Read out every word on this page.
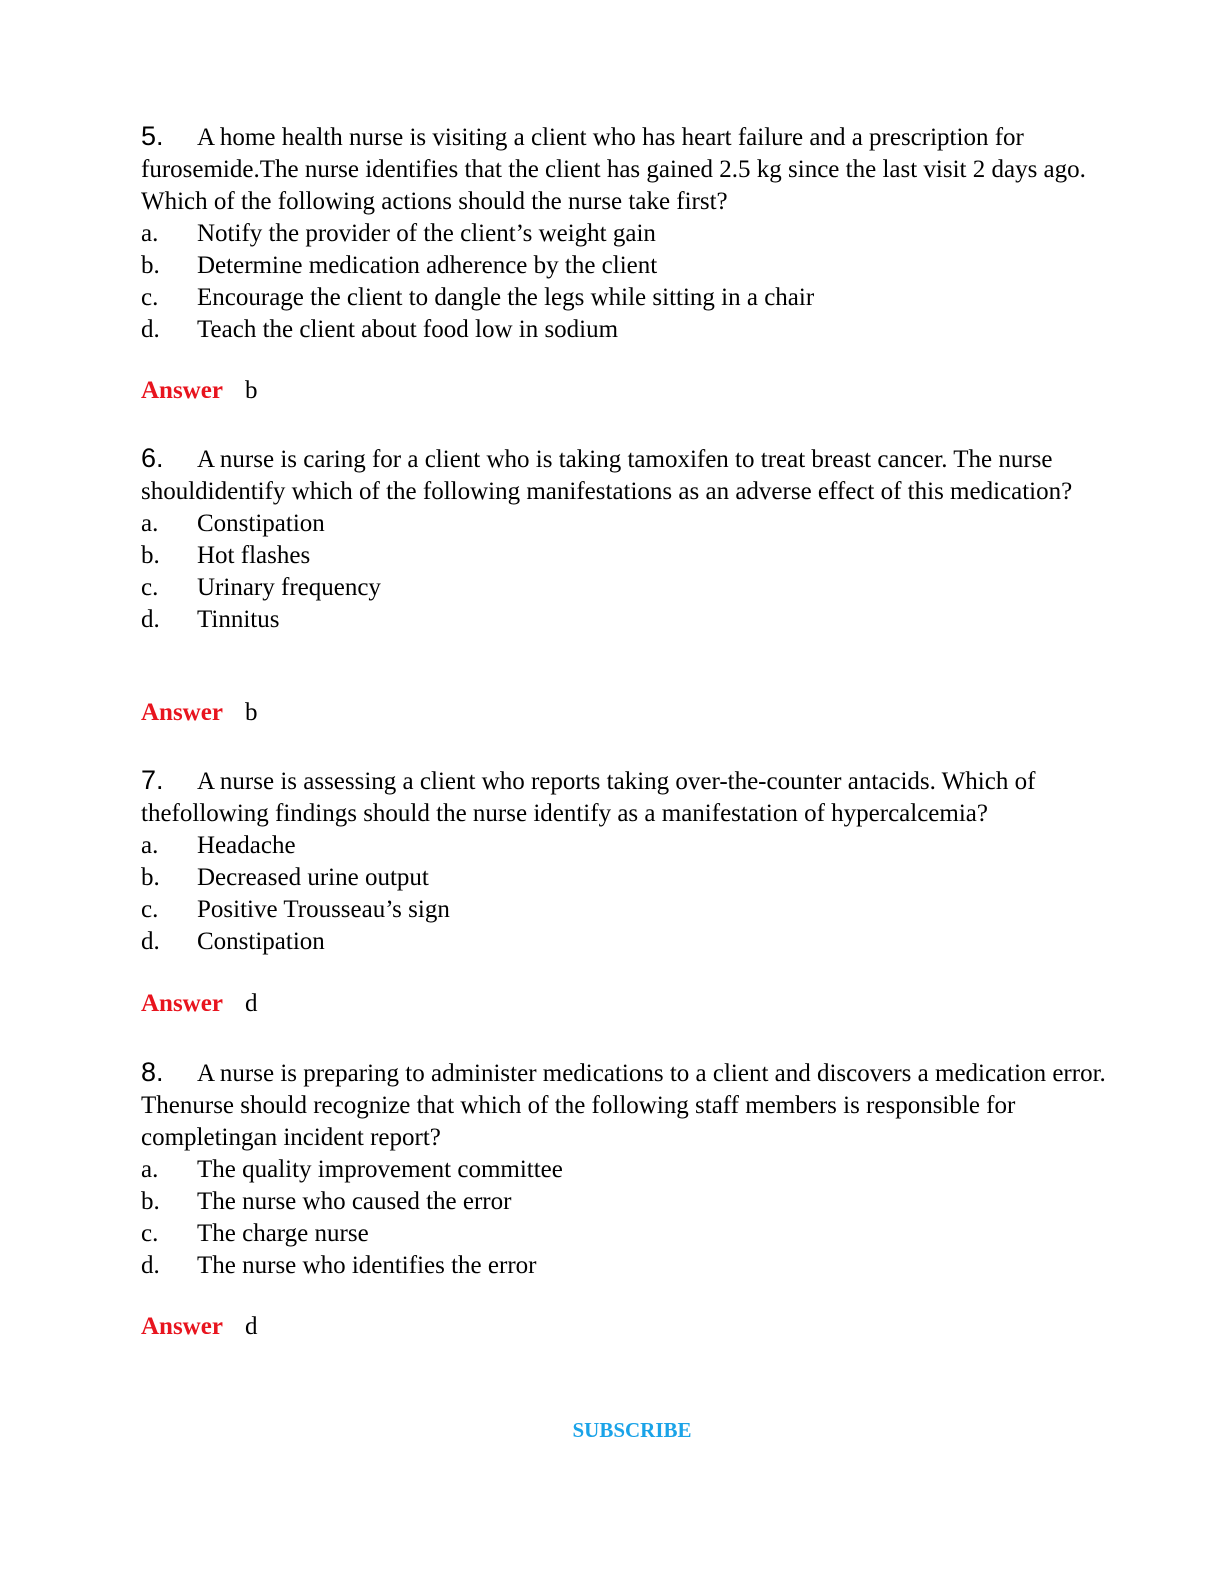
5. A home health nurse is visiting a client who has heart failure and a prescription for furosemide.The nurse identifies that the client has gained 2.5 kg since the last visit 2 days ago. Which of the following actions should the nurse take first?

a.	Notify the provider of the client’s weight gain
b.	Determine medication adherence by the client
c.	Encourage the client to dangle the legs while sitting in a chair
d.	Teach the client about food low in sodium
Answer b

6. A nurse is caring for a client who is taking tamoxifen to treat breast cancer. The nurse shouldidentify which of the following manifestations as an adverse effect of this medication?

a.	Constipation
b.	Hot flashes
c.	Urinary frequency
d.	Tinnitus
Answer b

7. A nurse is assessing a client who reports taking over-the-counter antacids. Which of thefollowing findings should the nurse identify as a manifestation of hypercalcemia?

a.	Headache
b.	Decreased urine output
c.	Positive Trousseau’s sign
d.	Constipation
Answer d

8. A nurse is preparing to administer medications to a client and discovers a medication error. Thenurse should recognize that which of the following staff members is responsible for completingan incident report?

a.	The quality improvement committee
b.	The nurse who caused the error
c.	The charge nurse
d.	The nurse who identifies the error
Answer d
SUBSCRIBE
